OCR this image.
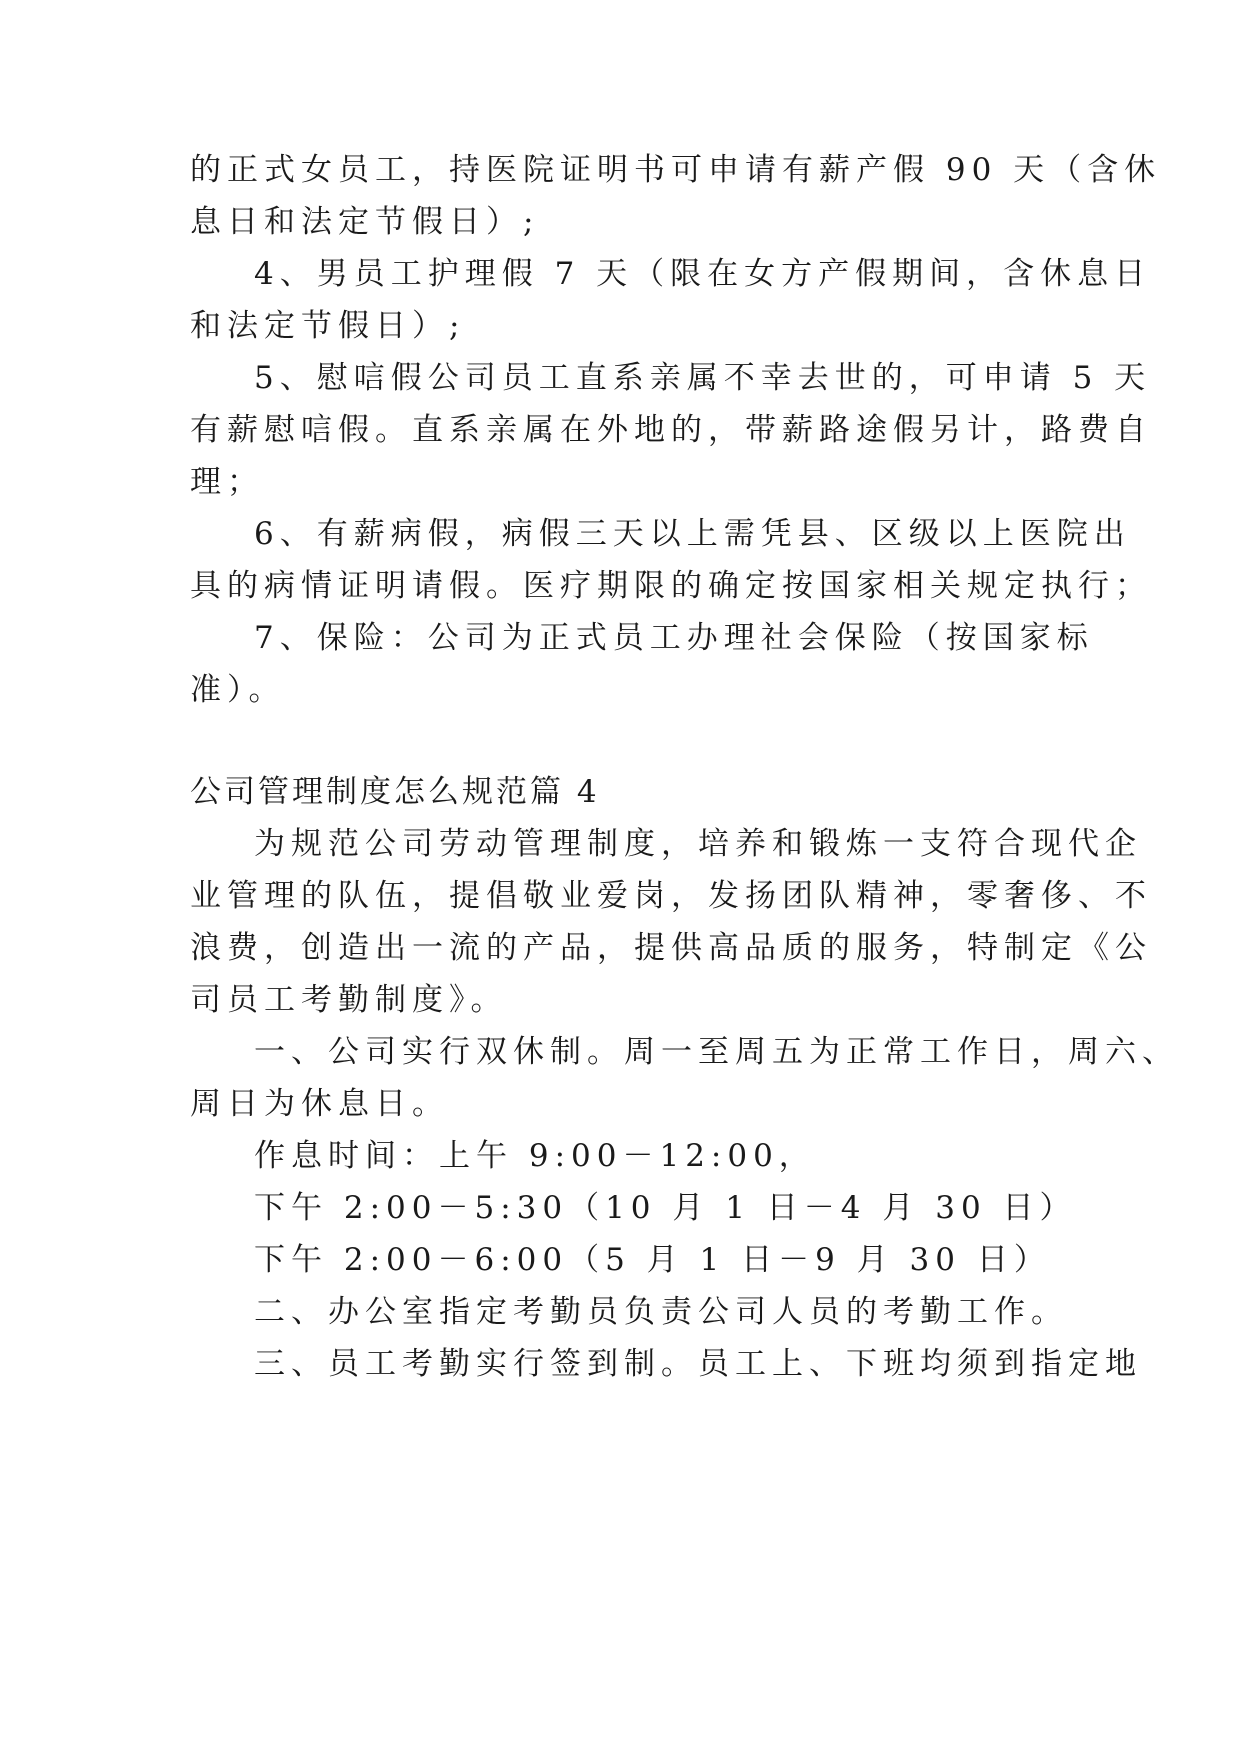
的正式女员工，持医院证明书可申请有薪产假 90 天（含休
息日和法定节假日）;
4、男员工护理假 7 天（限在女方产假期间，含休息日
和法定节假日）;
5、慰唁假公司员工直系亲属不幸去世的，可申请 5 天
有薪慰唁假。直系亲属在外地的，带薪路途假另计，路费自
理；
6、有薪病假，病假三天以上需凭县、区级以上医院出
具的病情证明请假。医疗期限的确定按国家相关规定执行；
7、保险：公司为正式员工办理社会保险（按国家标
准）。
公司管理制度怎么规范篇 4
为规范公司劳动管理制度，培养和锻炼一支符合现代企
业管理的队伍，提倡敬业爱岗，发扬团队精神，零奢侈、不
浪费，创造出一流的产品，提供高品质的服务，特制定《公
司员工考勤制度》。
一、公司实行双休制。周一至周五为正常工作日，周六、
周日为休息日。
作息时间：上午 9:00－12:00，
下午 2:00－5:30（10 月 1 日－4 月 30 日）
下午 2:00－6:00（5 月 1 日－9 月 30 日）
二、办公室指定考勤员负责公司人员的考勤工作。
三、员工考勤实行签到制。员工上、下班均须到指定地
